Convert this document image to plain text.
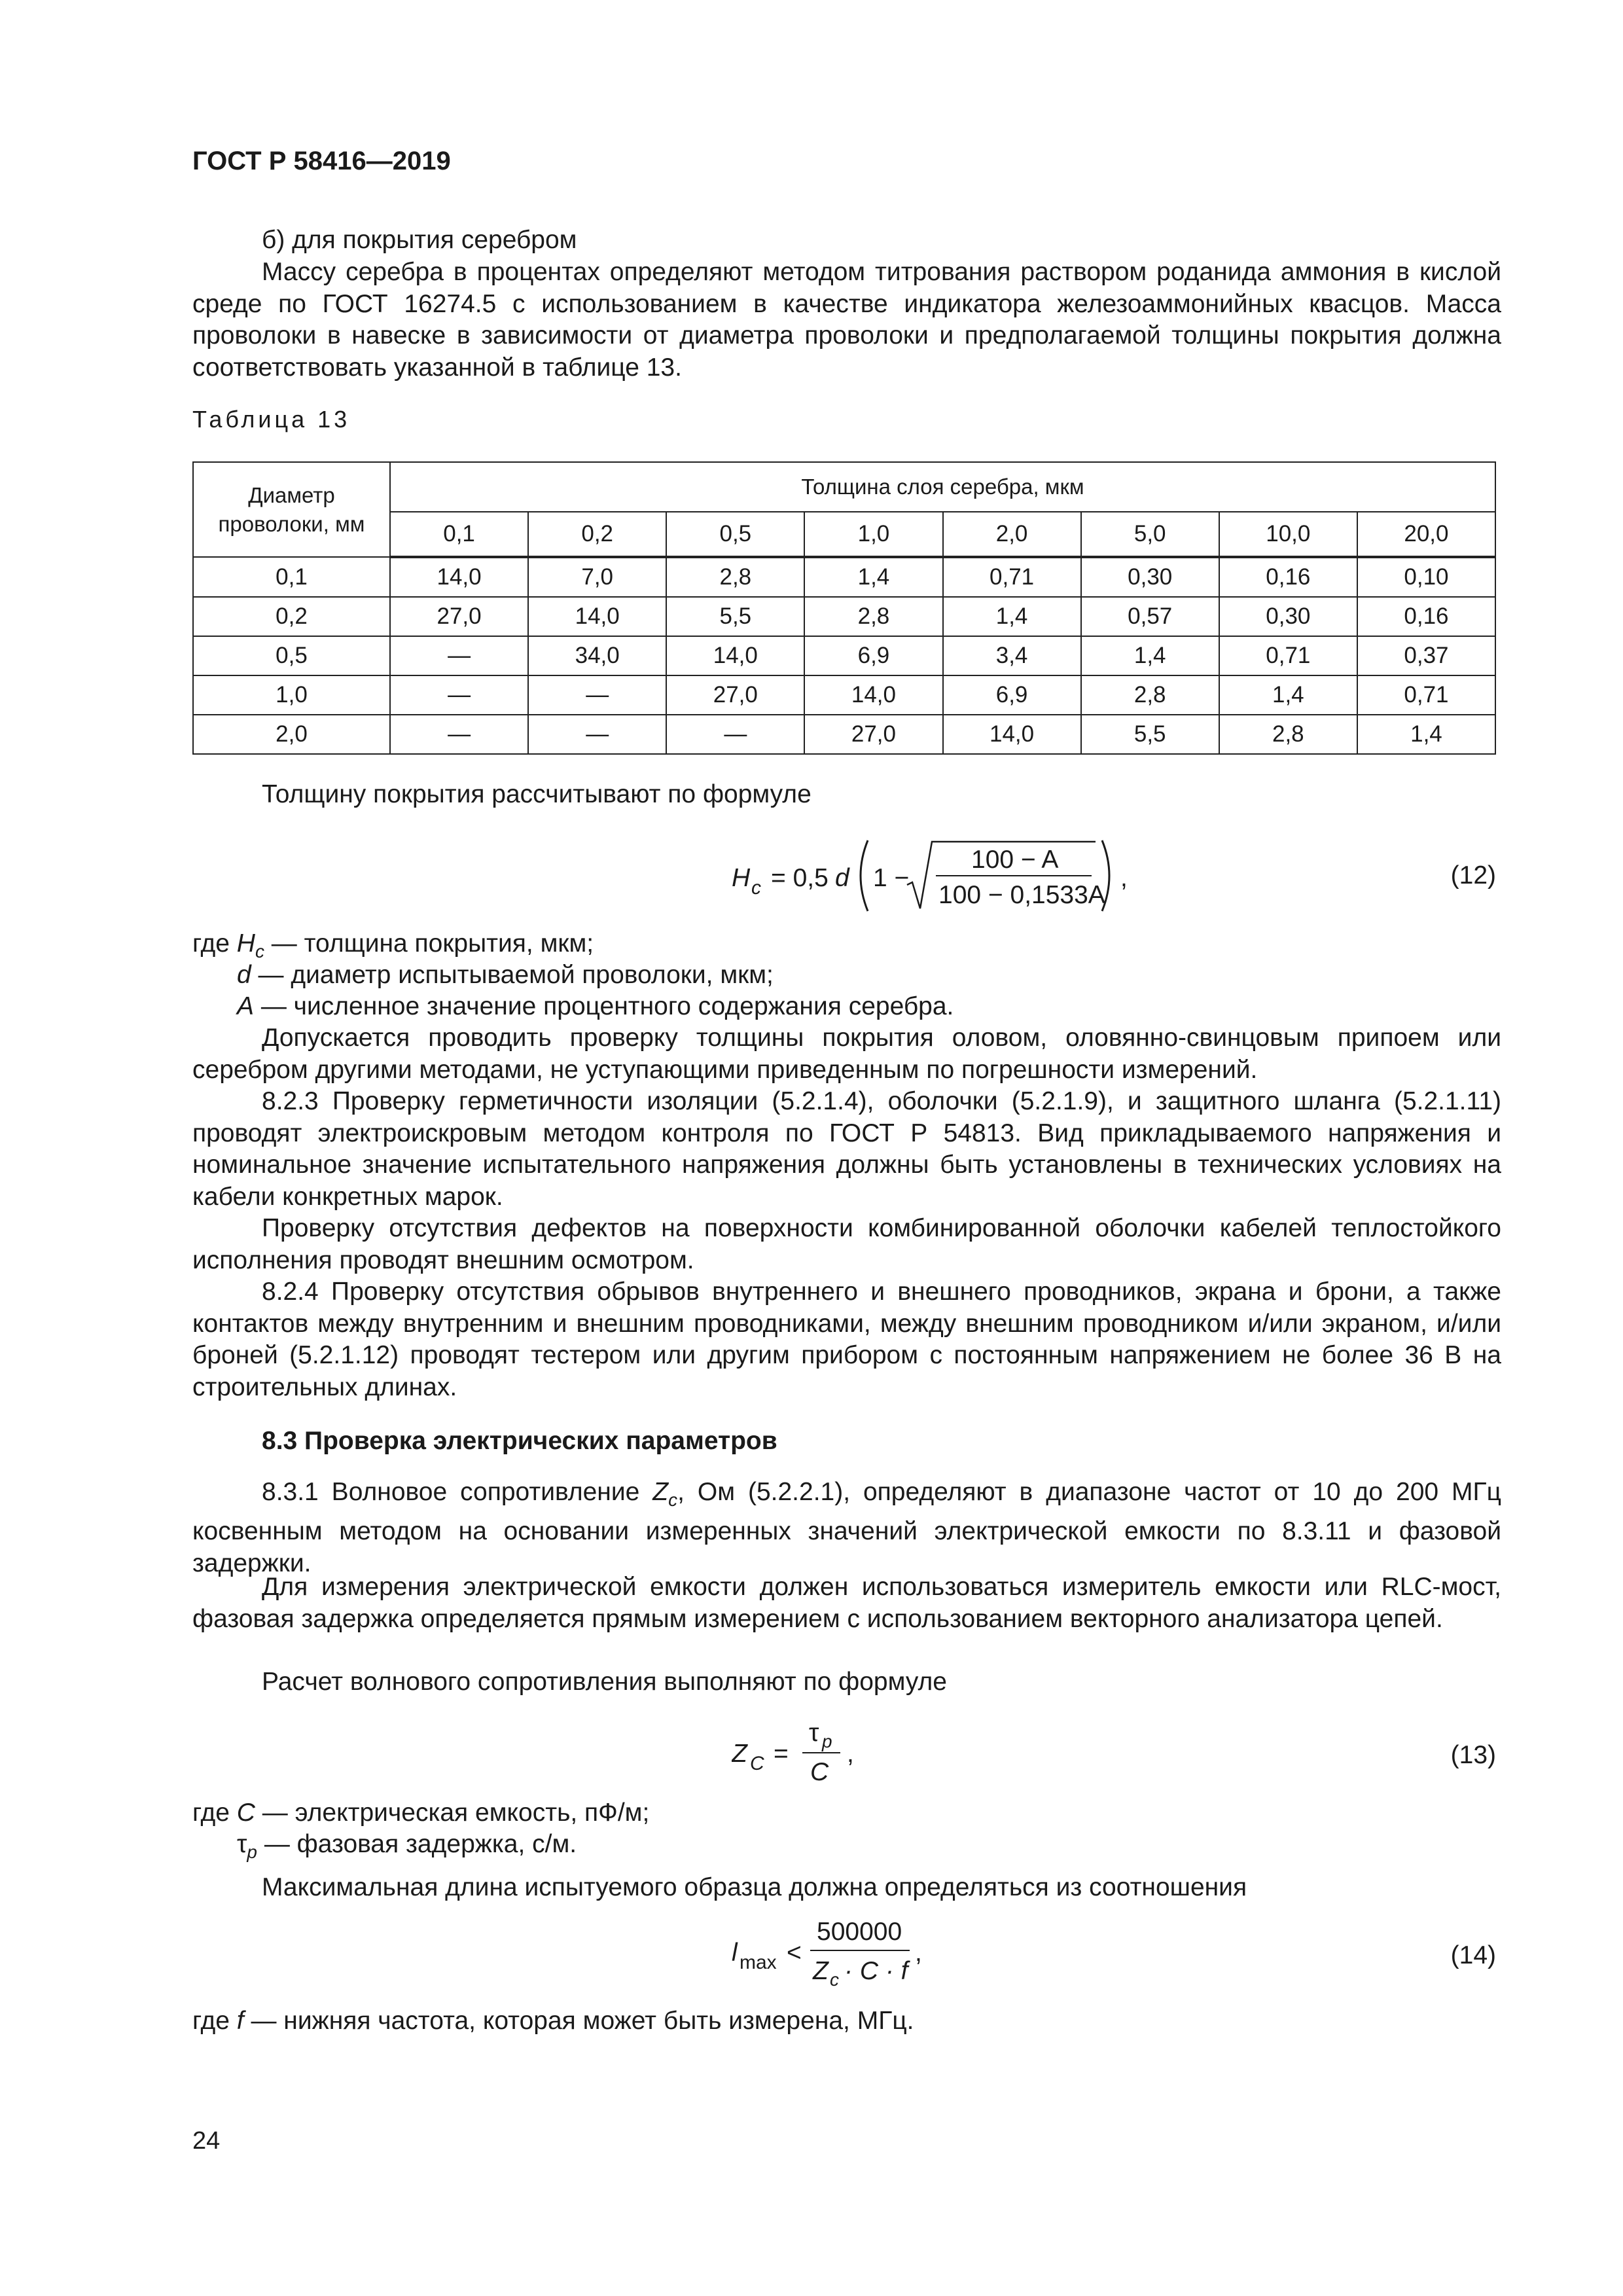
ГОСТ Р 58416—2019

б) для покрытия серебром

Массу серебра в процентах определяют методом титрования раствором роданида аммония в кислой среде по ГОСТ 16274.5 с использованием в качестве индикатора железоаммонийных квасцов. Масса проволоки в навеске в зависимости от диаметра проволоки и предполагаемой толщины покрытия должна соответствовать указанной в таблице 13.

Таблица 13

Диаметр проволоки, мм	Толщина слоя серебра, мкм							
	0,1	0,2	0,5	1,0	2,0	5,0	10,0	20,0
0,1	14,0	7,0	2,8	1,4	0,71	0,30	0,16	0,10
0,2	27,0	14,0	5,5	2,8	1,4	0,57	0,30	0,16
0,5	—	34,0	14,0	6,9	3,4	1,4	0,71	0,37
1,0	—	—	27,0	14,0	6,9	2,8	1,4	0,71
2,0	—	—	—	27,0	14,0	5,5	2,8	1,4

Толщину покрытия рассчитывают по формуле

H c = 0,5 d 1 −
100 − A
100 − 0,1533A
,	(12)

где $H_c$ — толщина покрытия, мкм;

d — диаметр испытываемой проволоки, мкм;

A — численное значение процентного содержания серебра.

Допускается проводить проверку толщины покрытия оловом, оловянно-свинцовым припоем или серебром другими методами, не уступающими приведенным по погрешности измерений.

8.2.3 Проверку герметичности изоляции (5.2.1.4), оболочки (5.2.1.9), и защитного шланга (5.2.1.11) проводят электроискровым методом контроля по ГОСТ Р 54813. Вид прикладываемого напряжения и номинальное значение испытательного напряжения должны быть установлены в технических условиях на кабели конкретных марок.

Проверку отсутствия дефектов на поверхности комбинированной оболочки кабелей теплостойкого исполнения проводят внешним осмотром.

8.2.4 Проверку отсутствия обрывов внутреннего и внешнего проводников, экрана и брони, а также контактов между внутренним и внешним проводниками, между внешним проводником и/или экраном, и/или броней (5.2.1.12) проводят тестером или другим прибором с постоянным напряжением не более 36 В на строительных длинах.

8.3 Проверка электрических параметров

8.3.1 Волновое сопротивление $Z_c$, Ом (5.2.2.1), определяют в диапазоне частот от 10 до 200 МГц косвенным методом на основании измеренных значений электрической емкости по 8.3.11 и фазовой задержки.

Для измерения электрической емкости должен использоваться измеритель емкости или RLC-мост, фазовая задержка определяется прямым измерением с использованием векторного анализатора цепей.

Расчет волнового сопротивления выполняют по формуле

Z C =
τ p
C
,	(13)

где C — электрическая емкость, пФ/м;

$\tau_p$ — фазовая задержка, с/м.

Максимальная длина испытуемого образца должна определяться из соотношения

l max <
500000
Z c · C · f
,	(14)

где f — нижняя частота, которая может быть измерена, МГц.

24
